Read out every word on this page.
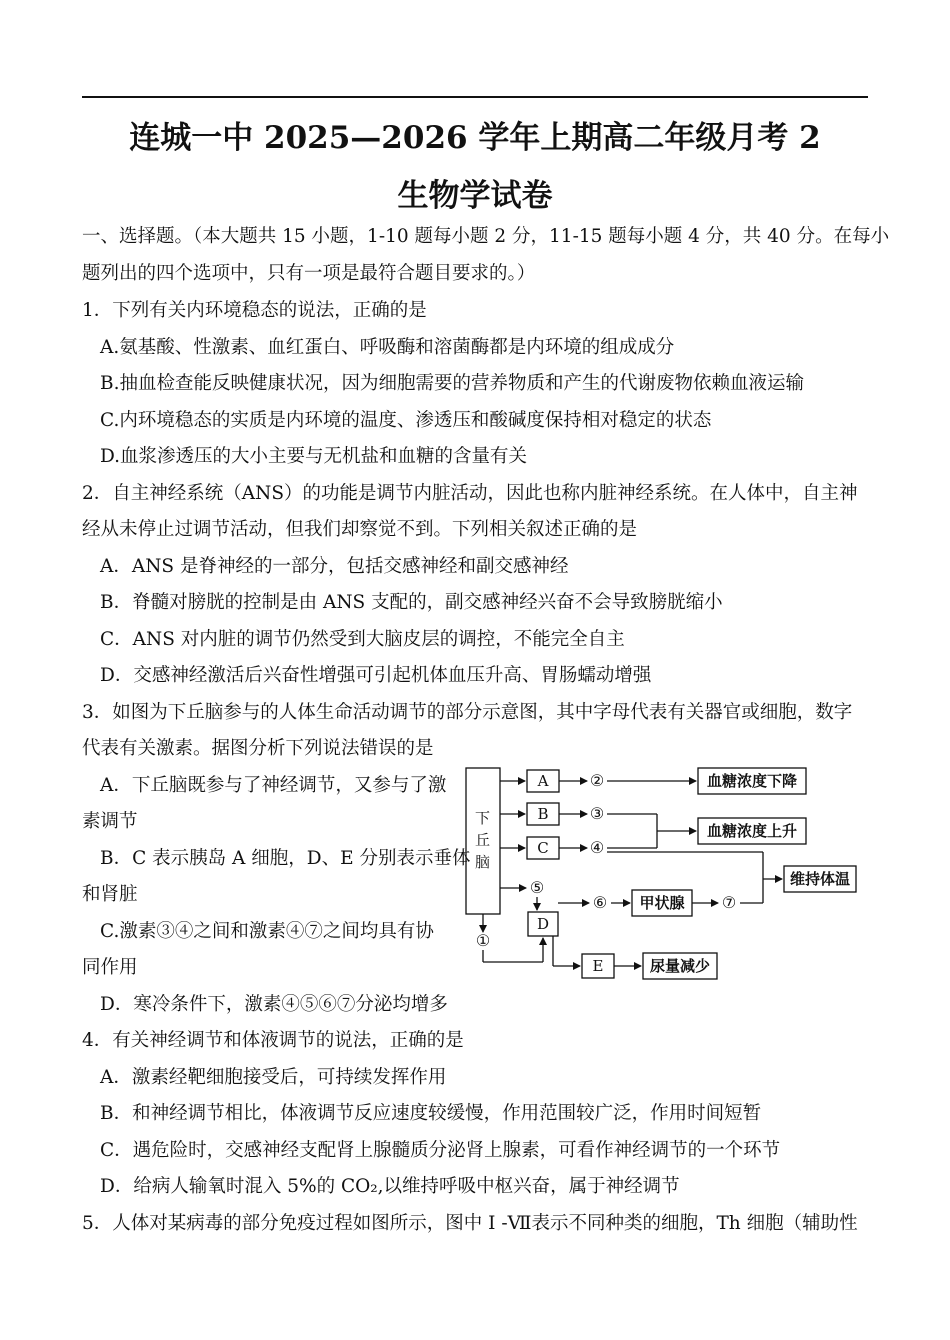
连城一中 2025—2026 学年上期高二年级月考 2
生物学试卷
一、选择题。（本大题共 15 小题，1-10 题每小题 2 分，11-15 题每小题 4 分，共 40 分。在每小
题列出的四个选项中，只有一项是最符合题目要求的。）
1．下列有关内环境稳态的说法，正确的是
A.氨基酸、性激素、血红蛋白、呼吸酶和溶菌酶都是内环境的组成成分
B.抽血检查能反映健康状况，因为细胞需要的营养物质和产生的代谢废物依赖血液运输
C.内环境稳态的实质是内环境的温度、渗透压和酸碱度保持相对稳定的状态
D.血浆渗透压的大小主要与无机盐和血糖的含量有关
2．自主神经系统（ANS）的功能是调节内脏活动，因此也称内脏神经系统。在人体中，自主神
经从未停止过调节活动，但我们却察觉不到。下列相关叙述正确的是
A．ANS 是脊神经的一部分，包括交感神经和副交感神经
B．脊髓对膀胱的控制是由 ANS 支配的，副交感神经兴奋不会导致膀胱缩小
C．ANS 对内脏的调节仍然受到大脑皮层的调控，不能完全自主
D．交感神经激活后兴奋性增强可引起机体血压升高、胃肠蠕动增强
3．如图为下丘脑参与的人体生命活动调节的部分示意图，其中字母代表有关器官或细胞，数字
代表有关激素。据图分析下列说法错误的是
A．下丘脑既参与了神经调节，又参与了激
素调节
B．C 表示胰岛 A 细胞，D、E 分别表示垂体
和肾脏
C.激素③④之间和激素④⑦之间均具有协
同作用
D．寒冷条件下，激素④⑤⑥⑦分泌均增多
下
丘
脑
A
B
C
D
E
②
③
④
⑤
⑥	⑦
①
血糖浓度下降
血糖浓度上升
维持体温
甲状腺
尿量减少
4．有关神经调节和体液调节的说法，正确的是
A．激素经靶细胞接受后，可持续发挥作用
B．和神经调节相比，体液调节反应速度较缓慢，作用范围较广泛，作用时间短暂
C．遇危险时，交感神经支配肾上腺髓质分泌肾上腺素，可看作神经调节的一个环节
D．给病人输氧时混入 5%的 CO₂,以维持呼吸中枢兴奋，属于神经调节
5．人体对某病毒的部分免疫过程如图所示，图中 I -Ⅶ表示不同种类的细胞，Th 细胞（辅助性
